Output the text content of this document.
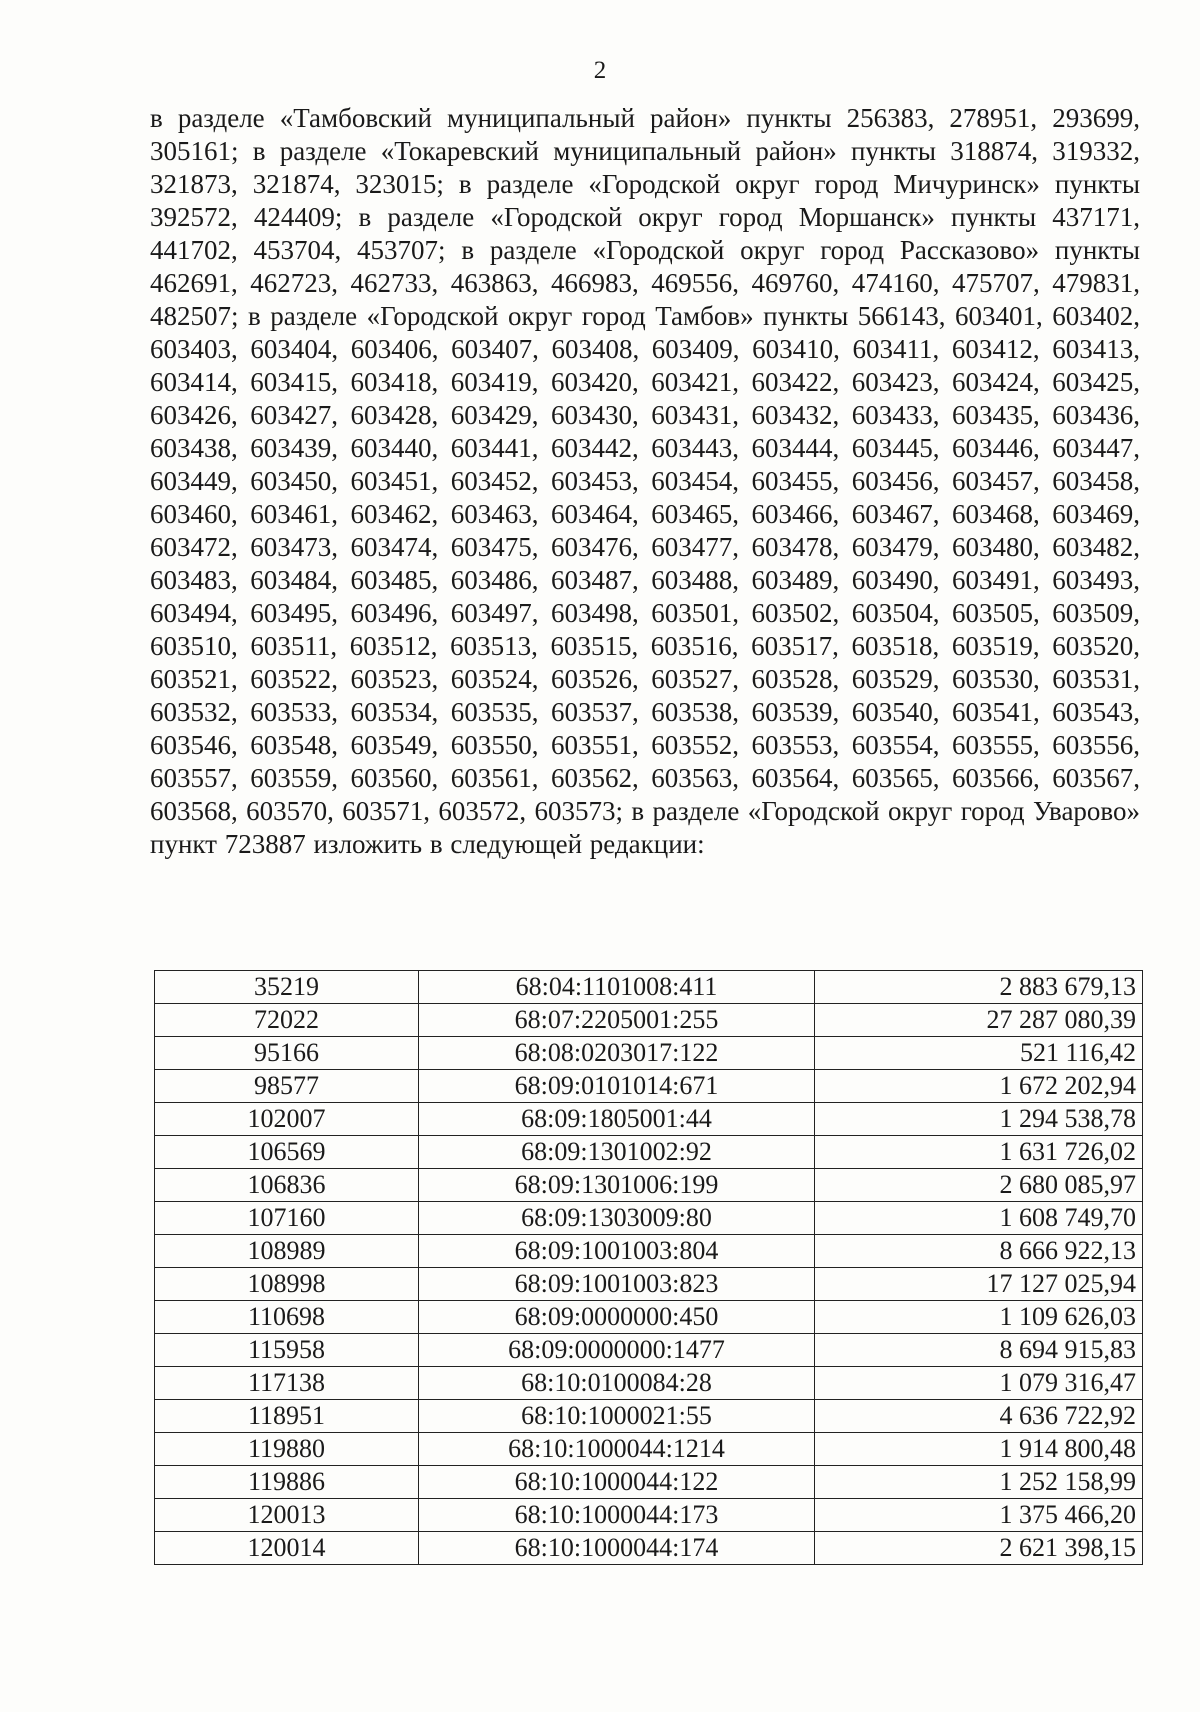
2

в разделе «Тамбовский муниципальный район» пункты 256383, 278951, 293699, 305161; в разделе «Токаревский муниципальный район» пункты 318874, 319332, 321873, 321874, 323015; в разделе «Городской округ город Мичуринск» пункты 392572, 424409; в разделе «Городской округ город Моршанск» пункты 437171, 441702, 453704, 453707; в разделе «Городской округ город Рассказово» пункты 462691, 462723, 462733, 463863, 466983, 469556, 469760, 474160, 475707, 479831, 482507; в разделе «Городской округ город Тамбов» пункты 566143, 603401, 603402, 603403, 603404, 603406, 603407, 603408, 603409, 603410, 603411, 603412, 603413, 603414, 603415, 603418, 603419, 603420, 603421, 603422, 603423, 603424, 603425, 603426, 603427, 603428, 603429, 603430, 603431, 603432, 603433, 603435, 603436, 603438, 603439, 603440, 603441, 603442, 603443, 603444, 603445, 603446, 603447, 603449, 603450, 603451, 603452, 603453, 603454, 603455, 603456, 603457, 603458, 603460, 603461, 603462, 603463, 603464, 603465, 603466, 603467, 603468, 603469, 603472, 603473, 603474, 603475, 603476, 603477, 603478, 603479, 603480, 603482, 603483, 603484, 603485, 603486, 603487, 603488, 603489, 603490, 603491, 603493, 603494, 603495, 603496, 603497, 603498, 603501, 603502, 603504, 603505, 603509, 603510, 603511, 603512, 603513, 603515, 603516, 603517, 603518, 603519, 603520, 603521, 603522, 603523, 603524, 603526, 603527, 603528, 603529, 603530, 603531, 603532, 603533, 603534, 603535, 603537, 603538, 603539, 603540, 603541, 603543, 603546, 603548, 603549, 603550, 603551, 603552, 603553, 603554, 603555, 603556, 603557, 603559, 603560, 603561, 603562, 603563, 603564, 603565, 603566, 603567, 603568, 603570, 603571, 603572, 603573; в разделе «Городской округ город Уварово» пункт 723887 изложить в следующей редакции:

35219	68:04:1101008:411	2 883 679,13
72022	68:07:2205001:255	27 287 080,39
95166	68:08:0203017:122	521 116,42
98577	68:09:0101014:671	1 672 202,94
102007	68:09:1805001:44	1 294 538,78
106569	68:09:1301002:92	1 631 726,02
106836	68:09:1301006:199	2 680 085,97
107160	68:09:1303009:80	1 608 749,70
108989	68:09:1001003:804	8 666 922,13
108998	68:09:1001003:823	17 127 025,94
110698	68:09:0000000:450	1 109 626,03
115958	68:09:0000000:1477	8 694 915,83
117138	68:10:0100084:28	1 079 316,47
118951	68:10:1000021:55	4 636 722,92
119880	68:10:1000044:1214	1 914 800,48
119886	68:10:1000044:122	1 252 158,99
120013	68:10:1000044:173	1 375 466,20
120014	68:10:1000044:174	2 621 398,15
